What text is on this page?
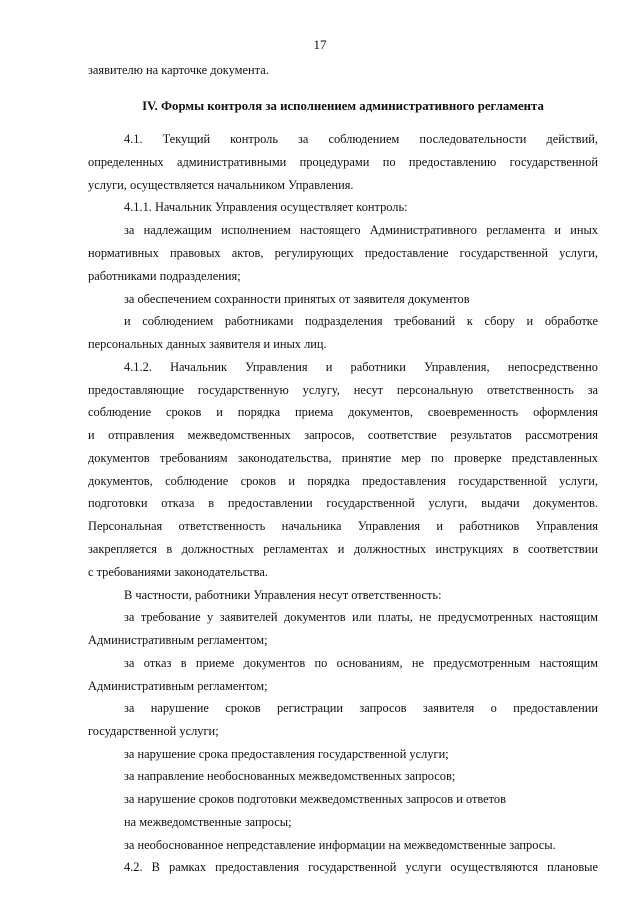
17
заявителю на карточке документа.
IV. Формы контроля за исполнением административного регламента
4.1. Текущий контроль за соблюдением последовательности действий,
определенных административными процедурами по предоставлению государственной
услуги, осуществляется начальником Управления.
4.1.1. Начальник Управления осуществляет контроль:
за надлежащим исполнением настоящего Административного регламента и иных
нормативных правовых актов, регулирующих предоставление государственной услуги,
работниками подразделения;
за обеспечением сохранности принятых от заявителя документов
и соблюдением работниками подразделения требований к сбору и обработке
персональных данных заявителя и иных лиц.
4.1.2. Начальник Управления и работники Управления, непосредственно
предоставляющие государственную услугу, несут персональную ответственность за
соблюдение сроков и порядка приема документов, своевременность оформления
и отправления межведомственных запросов, соответствие результатов рассмотрения
документов требованиям законодательства, принятие мер по проверке представленных
документов, соблюдение сроков и порядка предоставления государственной услуги,
подготовки отказа в предоставлении государственной услуги, выдачи документов.
Персональная ответственность начальника Управления и работников Управления
закрепляется в должностных регламентах и должностных инструкциях в соответствии
с требованиями законодательства.
В частности, работники Управления несут ответственность:
за требование у заявителей документов или платы, не предусмотренных настоящим
Административным регламентом;
за отказ в приеме документов по основаниям, не предусмотренным настоящим
Административным регламентом;
за нарушение сроков регистрации запросов заявителя о предоставлении
государственной услуги;
за нарушение срока предоставления государственной услуги;
за направление необоснованных межведомственных запросов;
за нарушение сроков подготовки межведомственных запросов и ответов
на межведомственные запросы;
за необоснованное непредставление информации на межведомственные запросы.
4.2. В рамках предоставления государственной услуги осуществляются плановые
